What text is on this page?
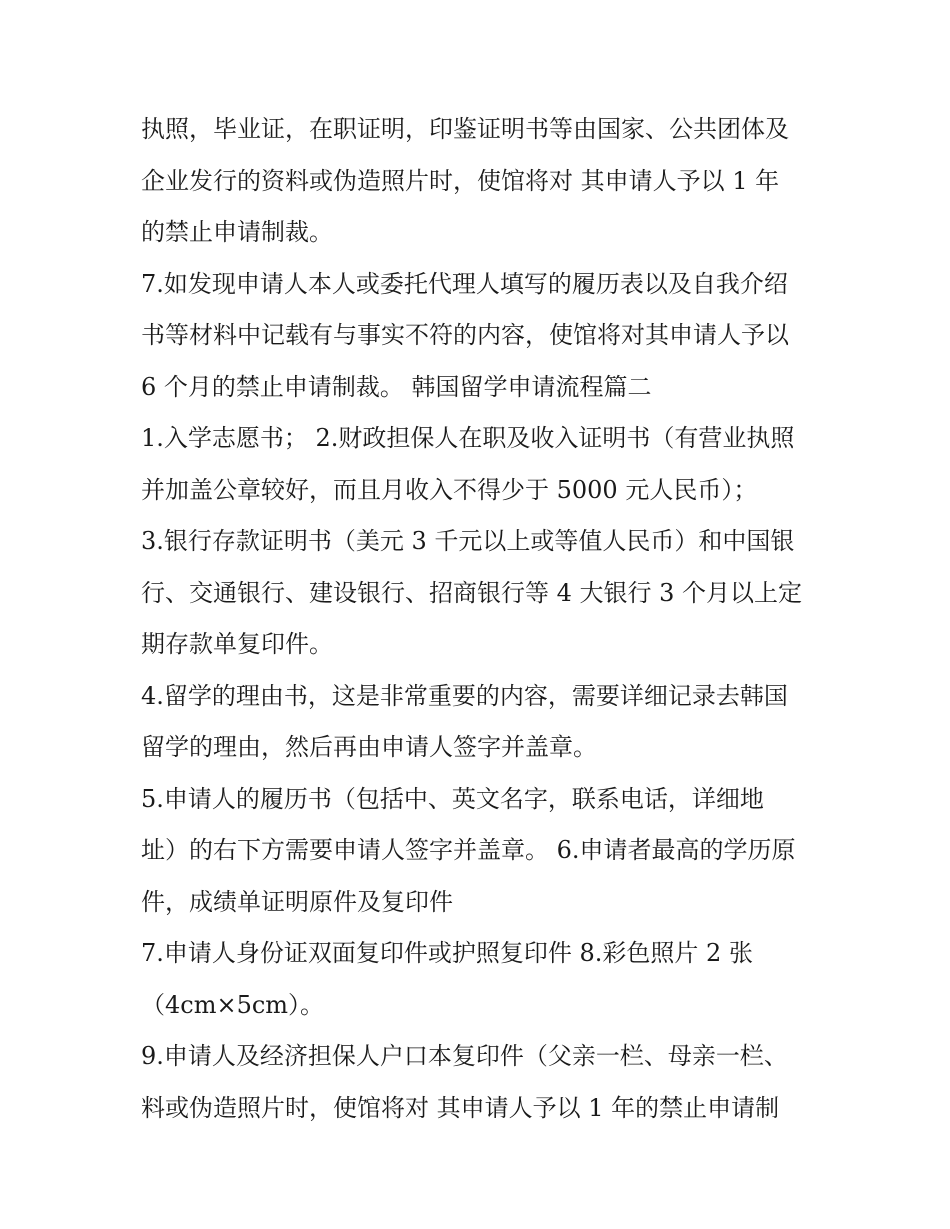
执照，毕业证，在职证明，印鉴证明书等由国家、公共团体及
企业发行的资料或伪造照片时，使馆将对 其申请人予以 1 年
的禁止申请制裁。
7.如发现申请人本人或委托代理人填写的履历表以及自我介绍
书等材料中记载有与事实不符的内容，使馆将对其申请人予以
6 个月的禁止申请制裁。 韩国留学申请流程篇二
1.入学志愿书； 2.财政担保人在职及收入证明书（有营业执照
并加盖公章较好，而且月收入不得少于 5000 元人民币）；
3.银行存款证明书（美元 3 千元以上或等值人民币）和中国银
行、交通银行、建设银行、招商银行等 4 大银行 3 个月以上定
期存款单复印件。
4.留学的理由书，这是非常重要的内容，需要详细记录去韩国
留学的理由，然后再由申请人签字并盖章。
5.申请人的履历书（包括中、英文名字，联系电话，详细地
址）的右下方需要申请人签字并盖章。 6.申请者最高的学历原
件，成绩单证明原件及复印件
7.申请人身份证双面复印件或护照复印件 8.彩色照片 2 张
（4cm×5cm）。
9.申请人及经济担保人户口本复印件（父亲一栏、母亲一栏、
料或伪造照片时，使馆将对 其申请人予以 1 年的禁止申请制
